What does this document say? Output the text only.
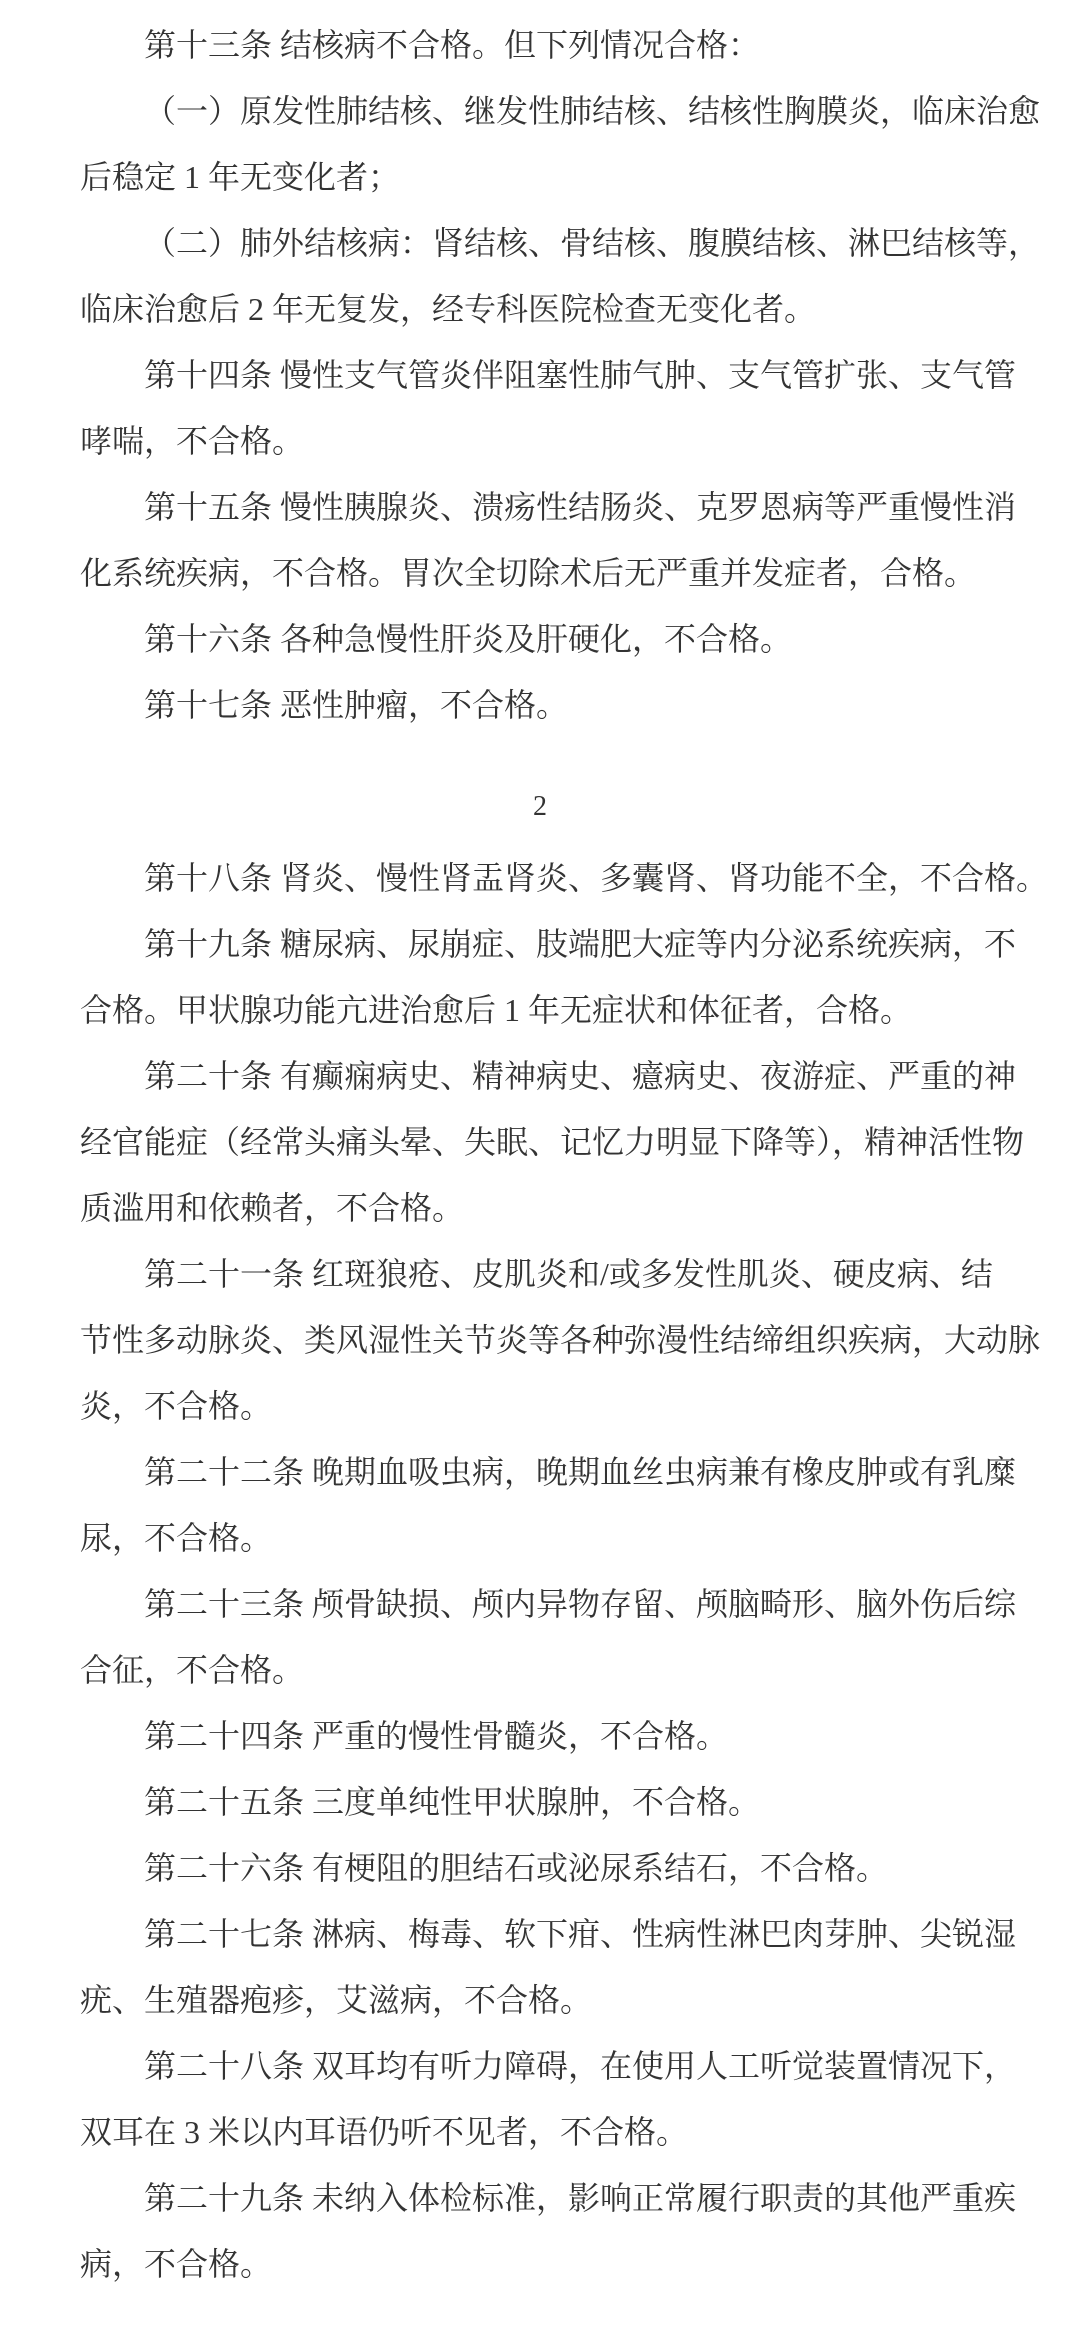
第十三条 结核病不合格。但下列情况合格：
（一）原发性肺结核、继发性肺结核、结核性胸膜炎，临床治愈
后稳定 1 年无变化者；
（二）肺外结核病：肾结核、骨结核、腹膜结核、淋巴结核等，
临床治愈后 2 年无复发，经专科医院检查无变化者。
第十四条 慢性支气管炎伴阻塞性肺气肿、支气管扩张、支气管
哮喘，不合格。
第十五条 慢性胰腺炎、溃疡性结肠炎、克罗恩病等严重慢性消
化系统疾病，不合格。胃次全切除术后无严重并发症者，合格。
第十六条 各种急慢性肝炎及肝硬化，不合格。
第十七条 恶性肿瘤，不合格。
2
第十八条 肾炎、慢性肾盂肾炎、多囊肾、肾功能不全，不合格。
第十九条 糖尿病、尿崩症、肢端肥大症等内分泌系统疾病，不
合格。甲状腺功能亢进治愈后 1 年无症状和体征者，合格。
第二十条 有癫痫病史、精神病史、癔病史、夜游症、严重的神
经官能症（经常头痛头晕、失眠、记忆力明显下降等），精神活性物
质滥用和依赖者，不合格。
第二十一条 红斑狼疮、皮肌炎和/或多发性肌炎、硬皮病、结
节性多动脉炎、类风湿性关节炎等各种弥漫性结缔组织疾病，大动脉
炎，不合格。
第二十二条 晚期血吸虫病，晚期血丝虫病兼有橡皮肿或有乳糜
尿，不合格。
第二十三条 颅骨缺损、颅内异物存留、颅脑畸形、脑外伤后综
合征，不合格。
第二十四条 严重的慢性骨髓炎，不合格。
第二十五条 三度单纯性甲状腺肿，不合格。
第二十六条 有梗阻的胆结石或泌尿系结石，不合格。
第二十七条 淋病、梅毒、软下疳、性病性淋巴肉芽肿、尖锐湿
疣、生殖器疱疹，艾滋病，不合格。
第二十八条 双耳均有听力障碍，在使用人工听觉装置情况下，
双耳在 3 米以内耳语仍听不见者，不合格。
第二十九条 未纳入体检标准，影响正常履行职责的其他严重疾
病，不合格。
